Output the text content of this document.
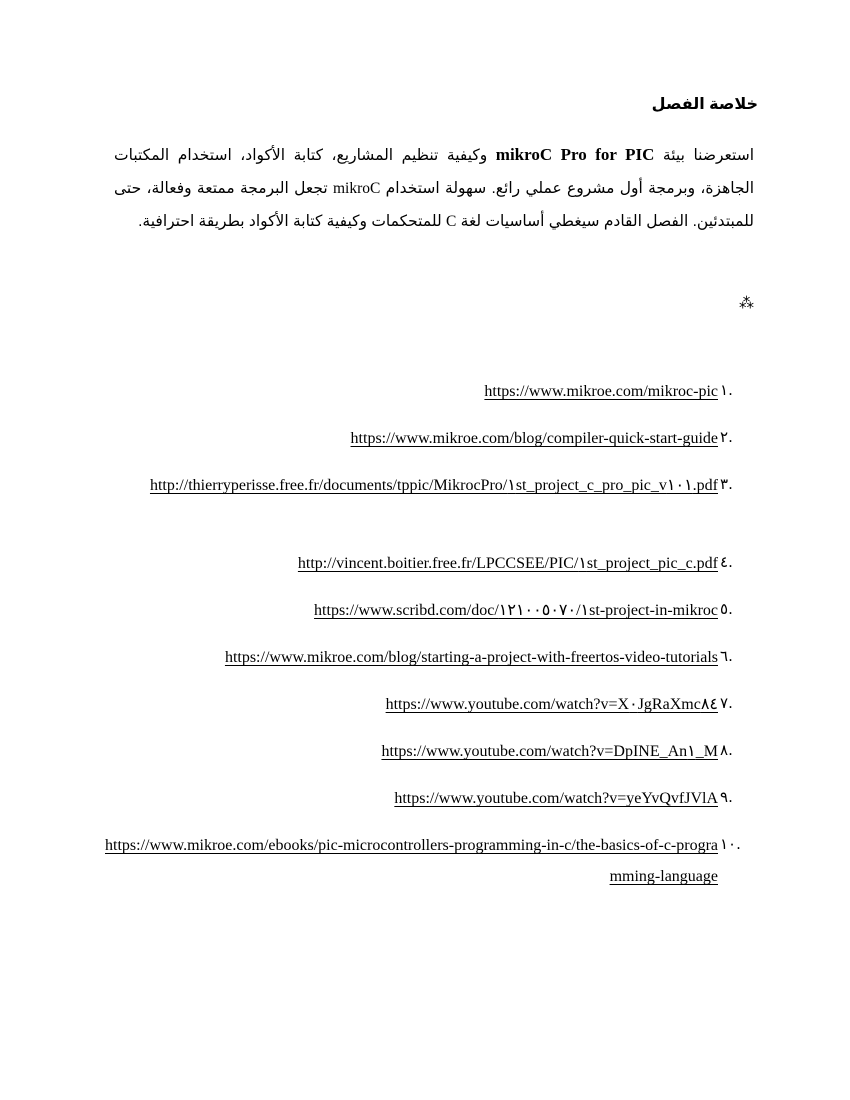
خلاصة الفصل

استعرضنا بيئة mikroC Pro for PIC وكيفية تنظيم المشاريع، كتابة الأكواد، استخدام المكتبات الجاهزة، وبرمجة أول مشروع عملي رائع. سهولة استخدام mikroC تجعل البرمجة ممتعة وفعالة، حتى للمبتدئين. الفصل القادم سيغطي أساسيات لغة C للمتحكمات وكيفية كتابة الأكواد بطريقة احترافية.

⁂
١.
https://www.mikroe.com/mikroc-pic
٢.
https://www.mikroe.com/blog/compiler-quick-start-guide
٣.
http://thierryperisse.free.fr/documents/tppic/MikrocPro/١st_project_c_pro_pic_v١٠١.pdf
٤.
http://vincent.boitier.free.fr/LPCCSEE/PIC/١st_project_pic_c.pdf
٥.
https://www.scribd.com/doc/١٢١٠٠٥٠٧٠/١st-project-in-mikroc
٦.
https://www.mikroe.com/blog/starting-a-project-with-freertos-video-tutorials
٧.
https://www.youtube.com/watch?v=X٠JgRaXmc٨٤
٨.
https://www.youtube.com/watch?v=DpINE_An١_M
٩.
https://www.youtube.com/watch?v=yeYvQvfJVlA
١٠.
https://www.mikroe.com/ebooks/pic-microcontrollers-programming-in-c/the-basics-of-c-programming-language
